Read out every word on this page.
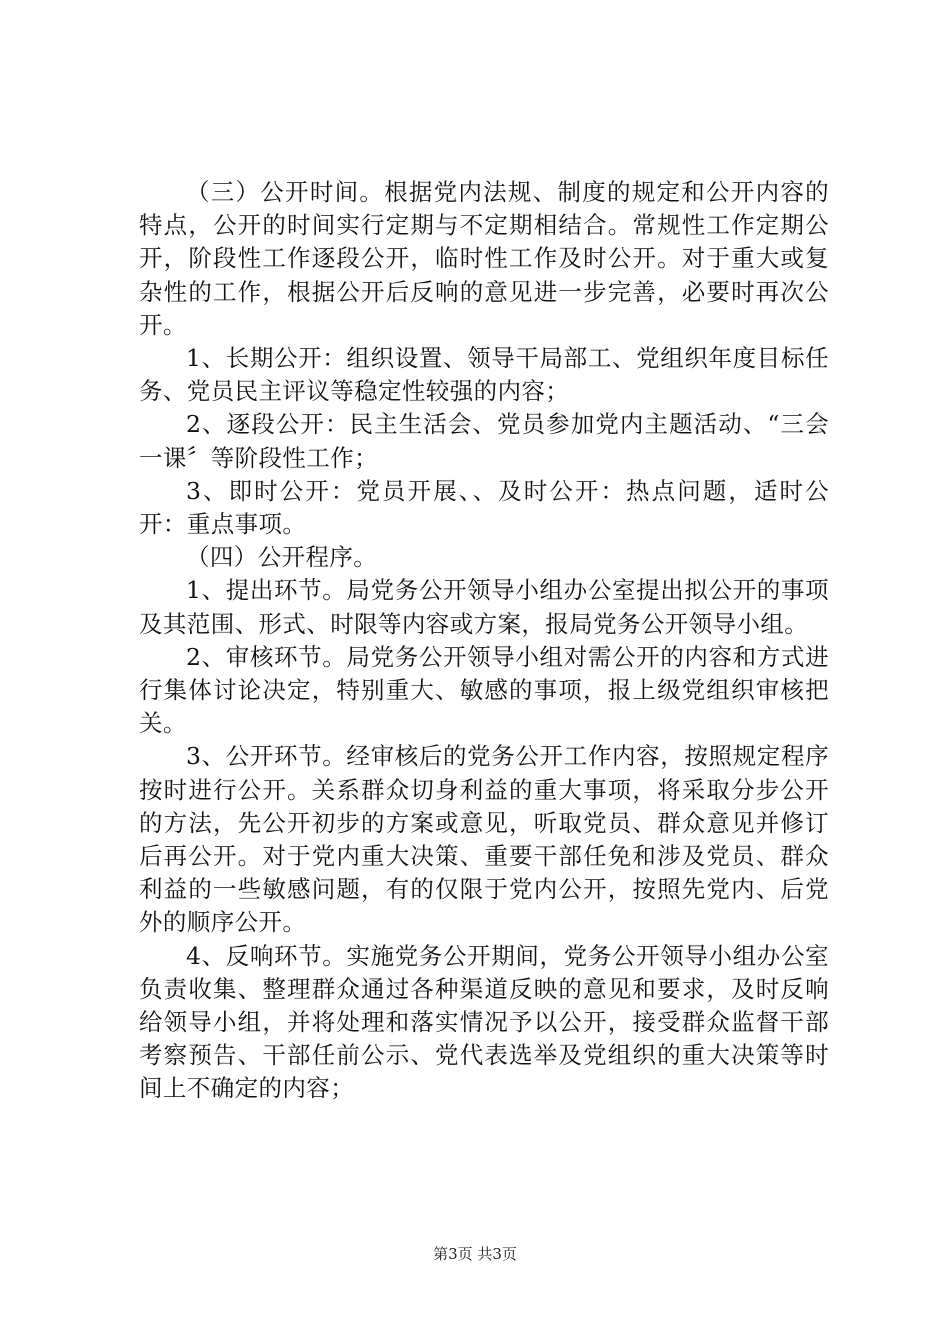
（三）公开时间。根据党内法规、制度的规定和公开内容的特点，公开的时间实行定期与不定期相结合。常规性工作定期公开，阶段性工作逐段公开，临时性工作及时公开。对于重大或复杂性的工作，根据公开后反响的意见进一步完善，必要时再次公开。

1、长期公开：组织设置、领导干局部工、党组织年度目标任务、党员民主评议等稳定性较强的内容；

2、逐段公开：民主生活会、党员参加党内主题活动、“三会一课〞等阶段性工作；

3、即时公开：党员开展、、及时公开：热点问题，适时公开：重点事项。

（四）公开程序。

1、提出环节。局党务公开领导小组办公室提出拟公开的事项及其范围、形式、时限等内容或方案，报局党务公开领导小组。

2、审核环节。局党务公开领导小组对需公开的内容和方式进行集体讨论决定，特别重大、敏感的事项，报上级党组织审核把关。

3、公开环节。经审核后的党务公开工作内容，按照规定程序按时进行公开。关系群众切身利益的重大事项，将采取分步公开的方法，先公开初步的方案或意见，听取党员、群众意见并修订后再公开。对于党内重大决策、重要干部任免和涉及党员、群众利益的一些敏感问题，有的仅限于党内公开，按照先党内、后党外的顺序公开。

4、反响环节。实施党务公开期间，党务公开领导小组办公室负责收集、整理群众通过各种渠道反映的意见和要求，及时反响给领导小组，并将处理和落实情况予以公开，接受群众监督干部考察预告、干部任前公示、党代表选举及党组织的重大决策等时间上不确定的内容；

第3页 共3页
